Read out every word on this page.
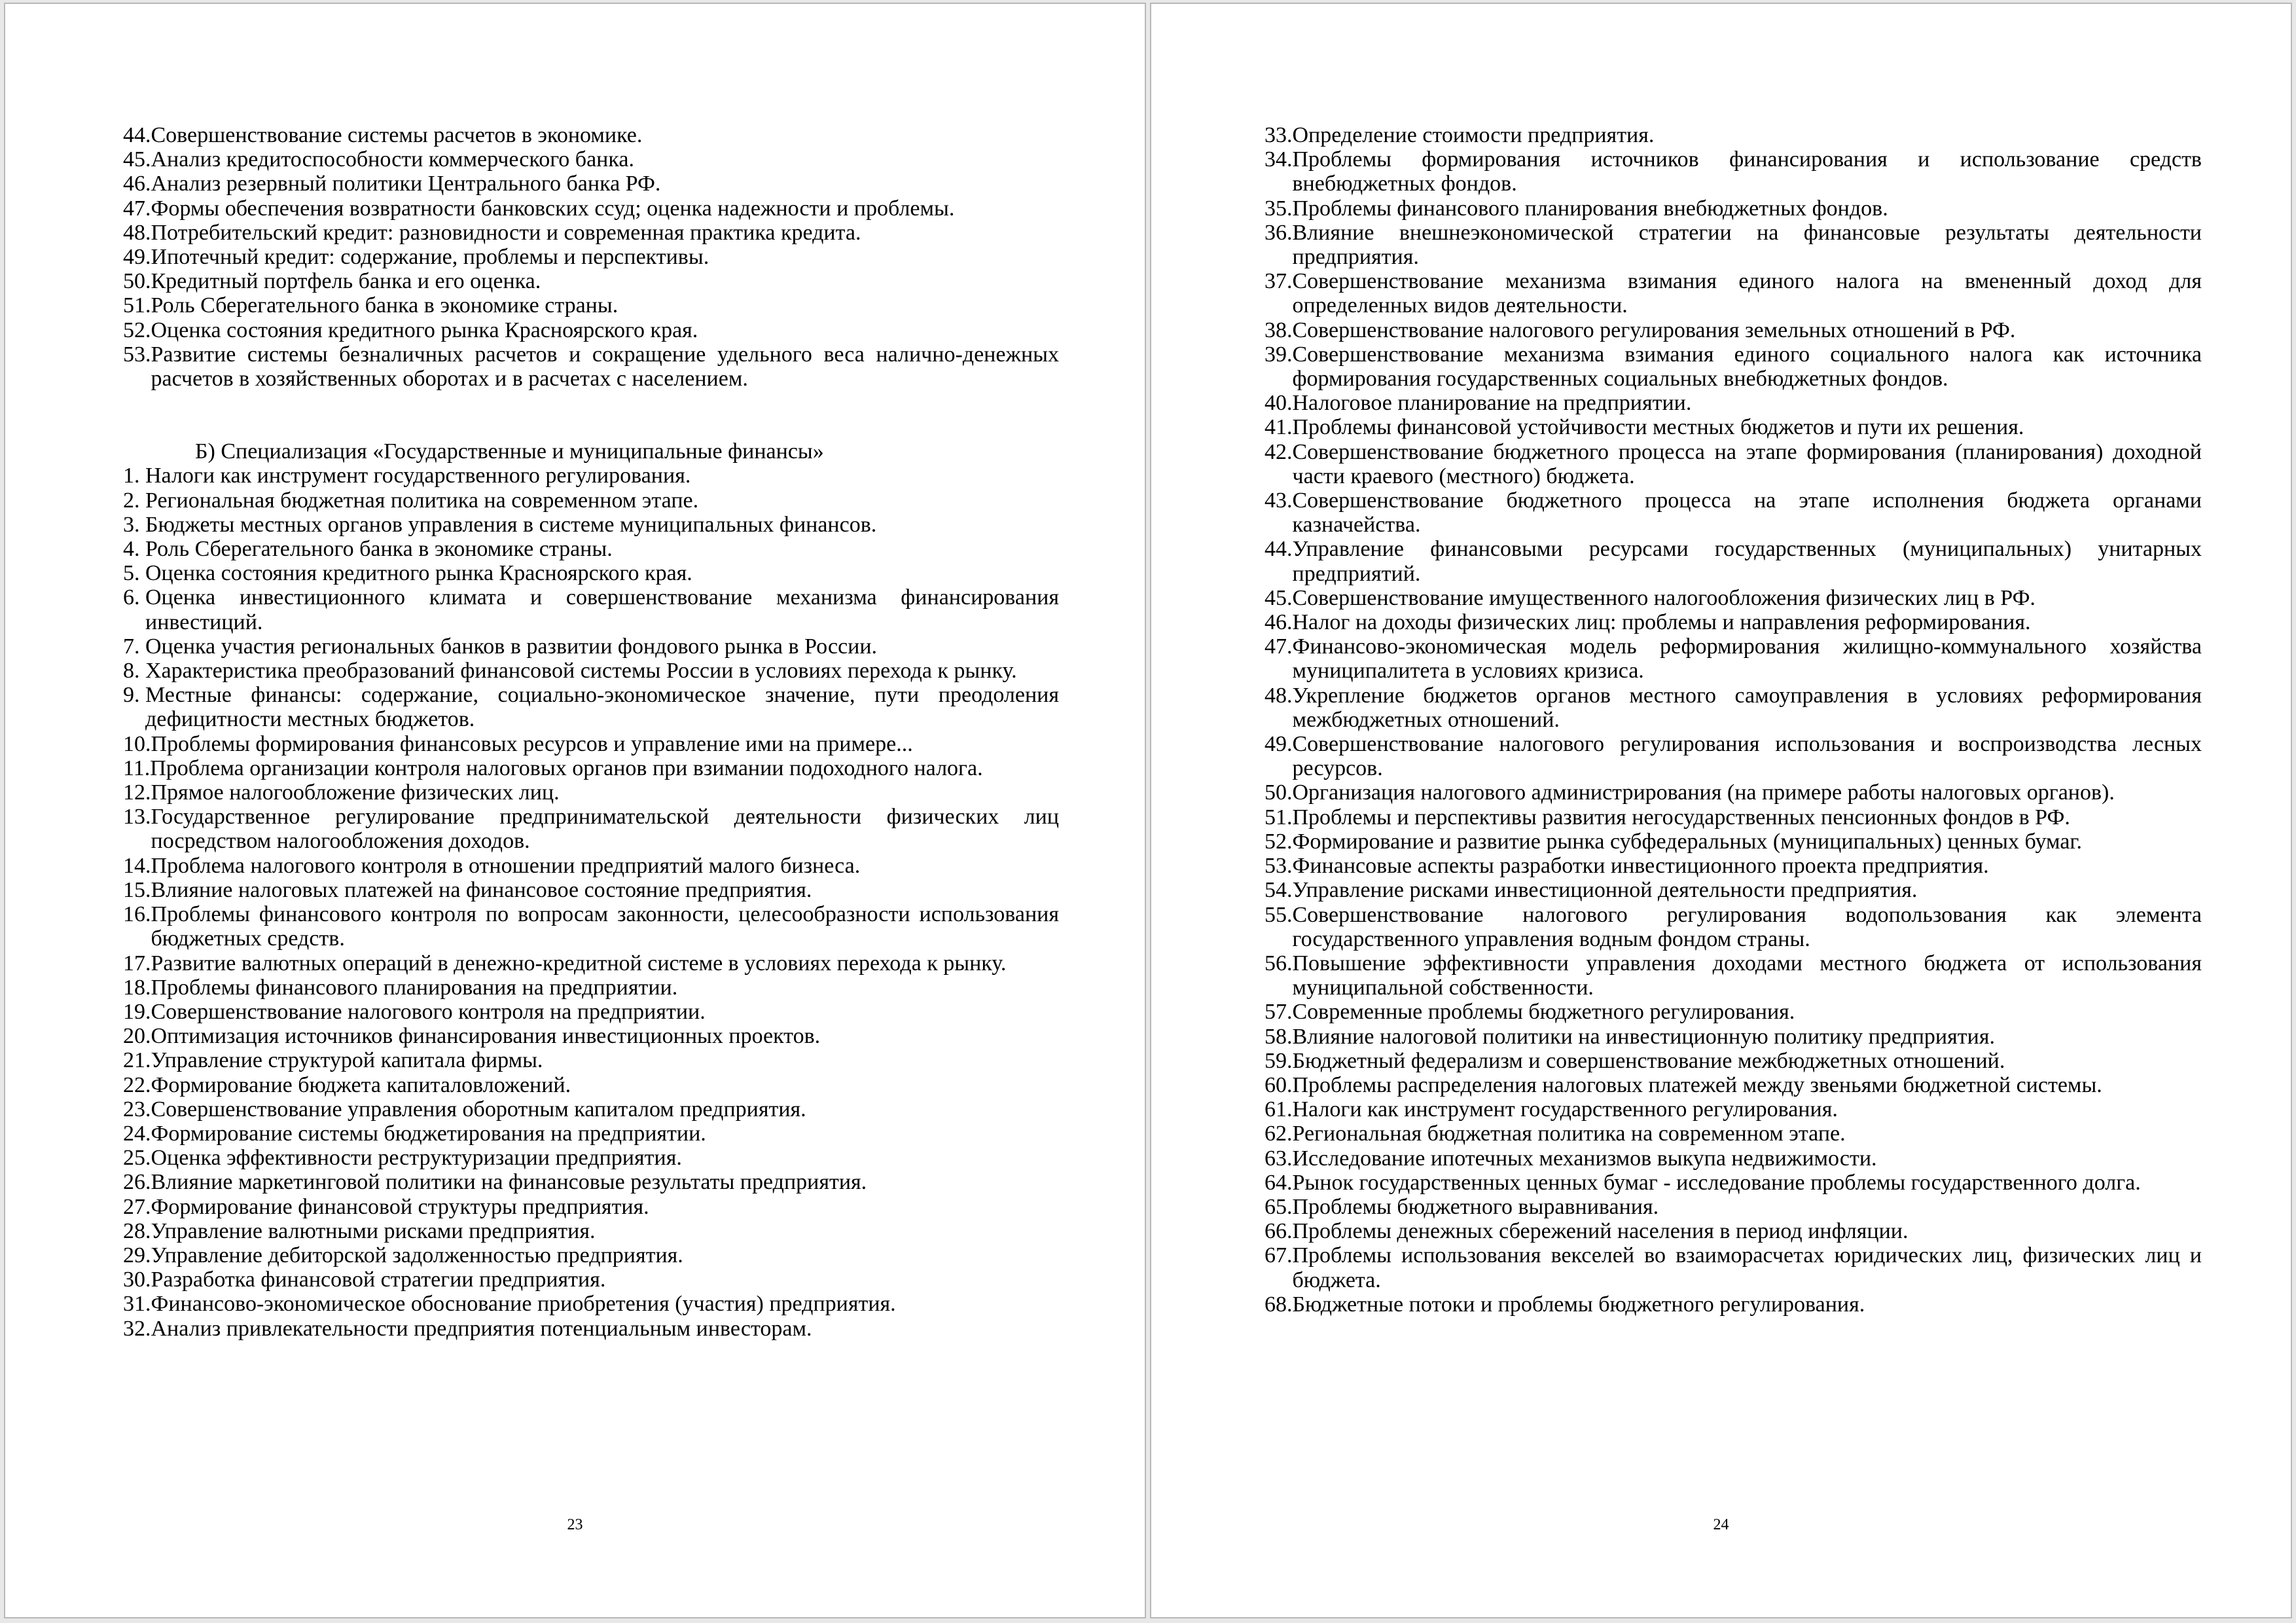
44. Совершенствование системы расчетов в экономике.
45. Анализ кредитоспособности коммерческого банка.
46. Анализ резервный политики Центрального банка РФ.
47. Формы обеспечения возвратности банковских ссуд; оценка надежности и проблемы.
48. Потребительский кредит: разновидности и современная практика кредита.
49. Ипотечный кредит: содержание, проблемы и перспективы.
50. Кредитный портфель банка и его оценка.
51. Роль Сберегательного банка в экономике страны.
52. Оценка состояния кредитного рынка Красноярского края.
53. Развитие системы безналичных расчетов и сокращение удельного веса налично-денежных расчетов в хозяйственных оборотах и в расчетах с населением.
Б) Специализация «Государственные и муниципальные финансы»
1. Налоги как инструмент государственного регулирования.
2. Региональная бюджетная политика на современном этапе.
3. Бюджеты местных органов управления в системе муниципальных финансов.
4. Роль Сберегательного банка в экономике страны.
5. Оценка состояния кредитного рынка Красноярского края.
6. Оценка инвестиционного климата и совершенствование механизма финансирования инвестиций.
7. Оценка участия региональных банков в развитии фондового рынка в России.
8. Характеристика преобразований финансовой системы России в условиях перехода к рынку.
9. Местные финансы: содержание, социально-экономическое значение, пути преодоления дефицитности местных бюджетов.
10. Проблемы формирования финансовых ресурсов и управление ими на примере...
11. Проблема организации контроля налоговых органов при взимании подоходного налога.
12. Прямое налогообложение физических лиц.
13. Государственное регулирование предпринимательской деятельности физических лиц посредством налогообложения доходов.
14. Проблема налогового контроля в отношении предприятий малого бизнеса.
15. Влияние налоговых платежей на финансовое состояние предприятия.
16. Проблемы финансового контроля по вопросам законности, целесообразности использования бюджетных средств.
17. Развитие валютных операций в денежно-кредитной системе в условиях перехода к рынку.
18. Проблемы финансового планирования на предприятии.
19. Совершенствование налогового контроля на предприятии.
20. Оптимизация источников финансирования инвестиционных проектов.
21. Управление структурой капитала фирмы.
22. Формирование бюджета капиталовложений.
23. Совершенствование управления оборотным капиталом предприятия.
24. Формирование системы бюджетирования на предприятии.
25. Оценка эффективности реструктуризации предприятия.
26. Влияние маркетинговой политики на финансовые результаты предприятия.
27. Формирование финансовой структуры предприятия.
28. Управление валютными рисками предприятия.
29. Управление дебиторской задолженностью предприятия.
30. Разработка финансовой стратегии предприятия.
31. Финансово-экономическое обоснование приобретения (участия) предприятия.
32. Анализ привлекательности предприятия потенциальным инвесторам.
23
33. Определение стоимости предприятия.
34. Проблемы формирования источников финансирования и использование средств внебюджетных фондов.
35. Проблемы финансового планирования внебюджетных фондов.
36. Влияние внешнеэкономической стратегии на финансовые результаты деятельности предприятия.
37. Совершенствование механизма взимания единого налога на вмененный доход для определенных видов деятельности.
38. Совершенствование налогового регулирования земельных отношений в РФ.
39. Совершенствование механизма взимания единого социального налога как источника формирования государственных социальных внебюджетных фондов.
40. Налоговое планирование на предприятии.
41. Проблемы финансовой устойчивости местных бюджетов и пути их решения.
42. Совершенствование бюджетного процесса на этапе формирования (планирования) доходной части краевого (местного) бюджета.
43. Совершенствование бюджетного процесса на этапе исполнения бюджета органами казначейства.
44. Управление финансовыми ресурсами государственных (муниципальных) унитарных предприятий.
45. Совершенствование имущественного налогообложения физических лиц в РФ.
46. Налог на доходы физических лиц: проблемы и направления реформирования.
47. Финансово-экономическая модель реформирования жилищно-коммунального хозяйства муниципалитета в условиях кризиса.
48. Укрепление бюджетов органов местного самоуправления в условиях реформирования межбюджетных отношений.
49. Совершенствование налогового регулирования использования и воспроизводства лесных ресурсов.
50. Организация налогового администрирования (на примере работы налоговых органов).
51. Проблемы и перспективы развития негосударственных пенсионных фондов в РФ.
52. Формирование и развитие рынка субфедеральных (муниципальных) ценных бумаг.
53. Финансовые аспекты разработки инвестиционного проекта предприятия.
54. Управление рисками инвестиционной деятельности предприятия.
55. Совершенствование налогового регулирования водопользования как элемента государственного управления водным фондом страны.
56. Повышение эффективности управления доходами местного бюджета от использования муниципальной собственности.
57. Современные проблемы бюджетного регулирования.
58. Влияние налоговой политики на инвестиционную политику предприятия.
59. Бюджетный федерализм и совершенствование межбюджетных отношений.
60. Проблемы распределения налоговых платежей между звеньями бюджетной системы.
61. Налоги как инструмент государственного регулирования.
62. Региональная бюджетная политика на современном этапе.
63. Исследование ипотечных механизмов выкупа недвижимости.
64. Рынок государственных ценных бумаг - исследование проблемы государственного долга.
65. Проблемы бюджетного выравнивания.
66. Проблемы денежных сбережений населения в период инфляции.
67. Проблемы использования векселей во взаиморасчетах юридических лиц, физических лиц и бюджета.
68. Бюджетные потоки и проблемы бюджетного регулирования.
24
